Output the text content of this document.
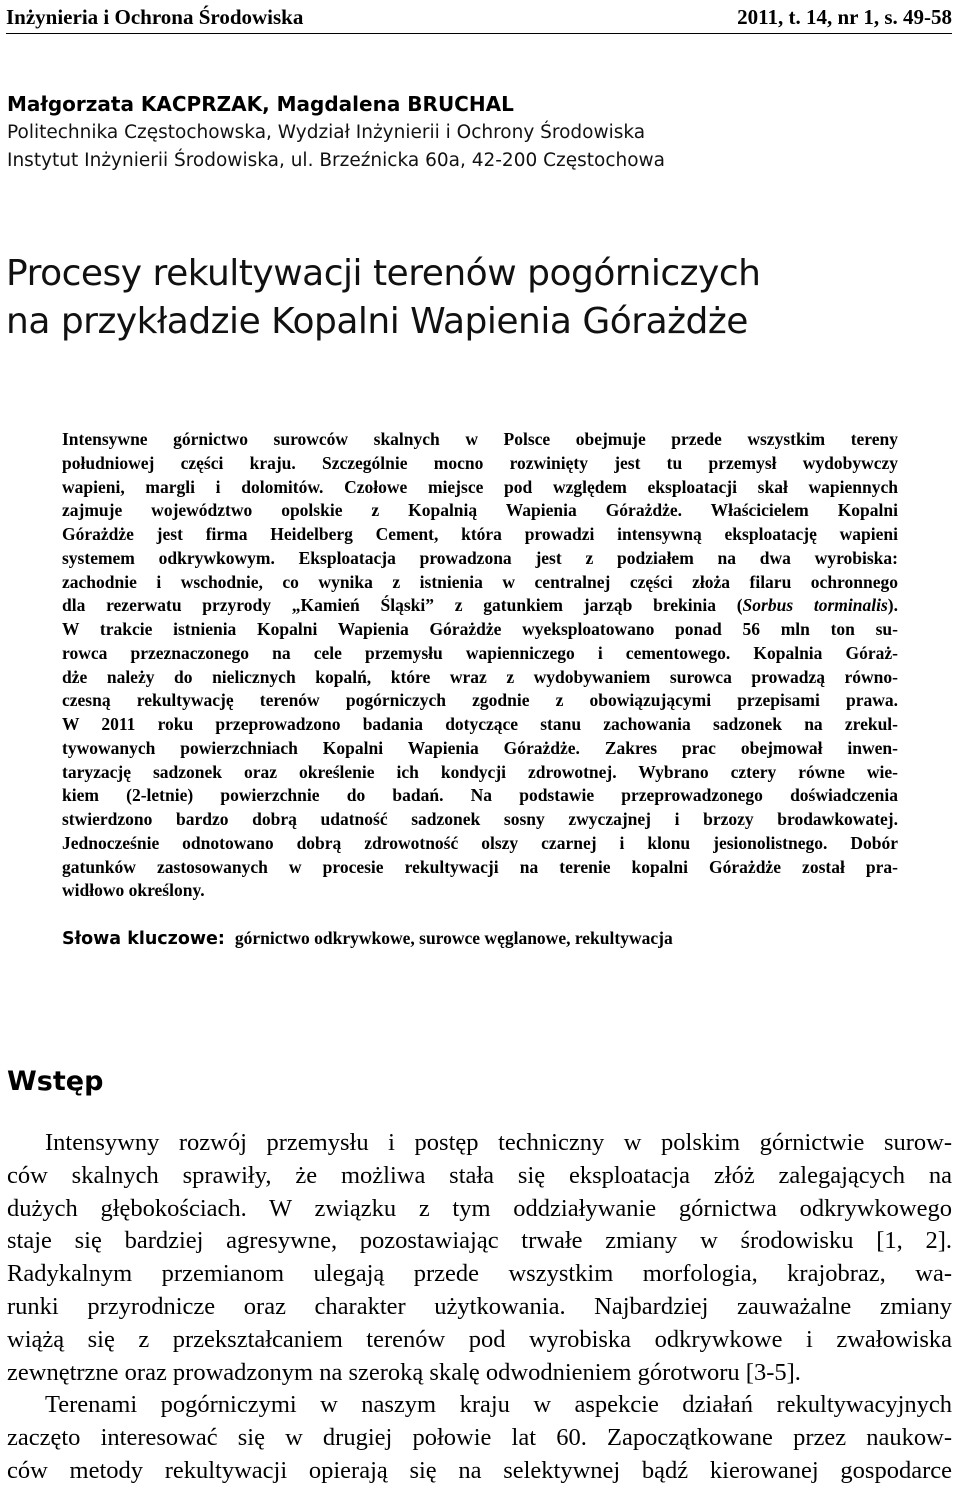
Inżynieria i Ochrona Środowiska	2011, t. 14, nr 1, s. 49-58
Małgorzata KACPRZAK, Magdalena BRUCHAL
Politechnika Częstochowska, Wydział Inżynierii i Ochrony Środowiska
Instytut Inżynierii Środowiska, ul. Brzeźnicka 60a, 42-200 Częstochowa
Procesy rekultywacji terenów pogórniczych
na przykładzie Kopalni Wapienia Górażdże
Intensywne górnictwo surowców skalnych w Polsce obejmuje przede wszystkim tereny
południowej części kraju. Szczególnie mocno rozwinięty jest tu przemysł wydobywczy
wapieni, margli i dolomitów. Czołowe miejsce pod względem eksploatacji skał wapiennych
zajmuje województwo opolskie z Kopalnią Wapienia Górażdże. Właścicielem Kopalni
Górażdże jest firma Heidelberg Cement, która prowadzi intensywną eksploatację wapieni
systemem odkrywkowym. Eksploatacja prowadzona jest z podziałem na dwa wyrobiska:
zachodnie i wschodnie, co wynika z istnienia w centralnej części złoża filaru ochronnego
dla rezerwatu przyrody „Kamień Śląski” z gatunkiem jarząb brekinia (Sorbus torminalis).
W trakcie istnienia Kopalni Wapienia Górażdże wyeksploatowano ponad 56 mln ton su-
rowca przeznaczonego na cele przemysłu wapienniczego i cementowego. Kopalnia Góraż-
dże należy do nielicznych kopalń, które wraz z wydobywaniem surowca prowadzą równo-
czesną rekultywację terenów pogórniczych zgodnie z obowiązującymi przepisami prawa.
W 2011 roku przeprowadzono badania dotyczące stanu zachowania sadzonek na zrekul-
tywowanych powierzchniach Kopalni Wapienia Górażdże. Zakres prac obejmował inwen-
taryzację sadzonek oraz określenie ich kondycji zdrowotnej. Wybrano cztery równe wie-
kiem (2-letnie) powierzchnie do badań. Na podstawie przeprowadzonego doświadczenia
stwierdzono bardzo dobrą udatność sadzonek sosny zwyczajnej i brzozy brodawkowatej.
Jednocześnie odnotowano dobrą zdrowotność olszy czarnej i klonu jesionolistnego. Dobór
gatunków zastosowanych w procesie rekultywacji na terenie kopalni Górażdże został pra-
widłowo określony.
Słowa kluczowe: górnictwo odkrywkowe, surowce węglanowe, rekultywacja
Wstęp
Intensywny rozwój przemysłu i postęp techniczny w polskim górnictwie surow-
ców skalnych sprawiły, że możliwa stała się eksploatacja złóż zalegających na
dużych głębokościach. W związku z tym oddziaływanie górnictwa odkrywkowego
staje się bardziej agresywne, pozostawiając trwałe zmiany w środowisku [1, 2].
Radykalnym przemianom ulegają przede wszystkim morfologia, krajobraz, wa-
runki przyrodnicze oraz charakter użytkowania. Najbardziej zauważalne zmiany
wiążą się z przekształcaniem terenów pod wyrobiska odkrywkowe i zwałowiska
zewnętrzne oraz prowadzonym na szeroką skalę odwodnieniem górotworu [3-5].
Terenami pogórniczymi w naszym kraju w aspekcie działań rekultywacyjnych
zaczęto interesować się w drugiej połowie lat 60. Zapoczątkowane przez naukow-
ców metody rekultywacji opierają się na selektywnej bądź kierowanej gospodarce
